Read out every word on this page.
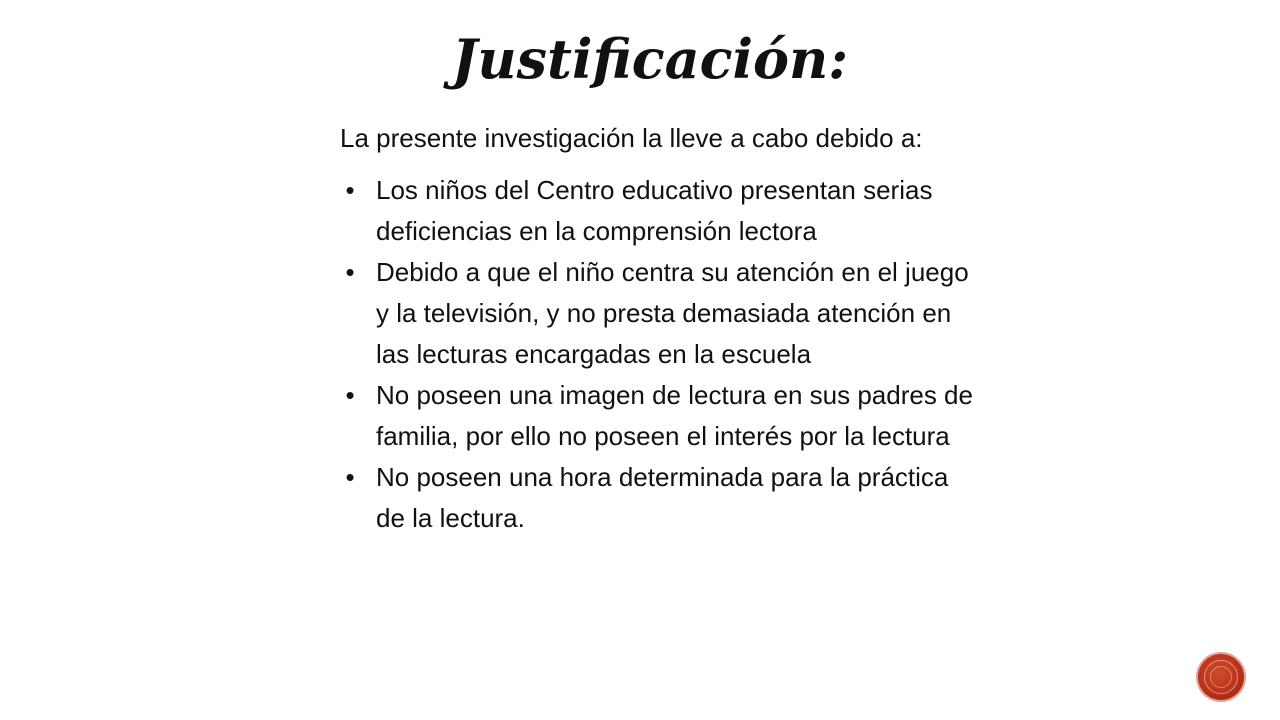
Justificación:

La presente investigación la lleve a cabo debido a:

• Los niños del Centro educativo presentan serias deficiencias en la comprensión lectora
• Debido a que el niño centra su atención en el juego y la televisión, y no presta demasiada atención en las lecturas encargadas en la escuela
• No poseen una imagen de lectura en sus padres de familia, por ello no poseen el interés por la lectura
• No poseen una hora determinada para la práctica de la lectura.
